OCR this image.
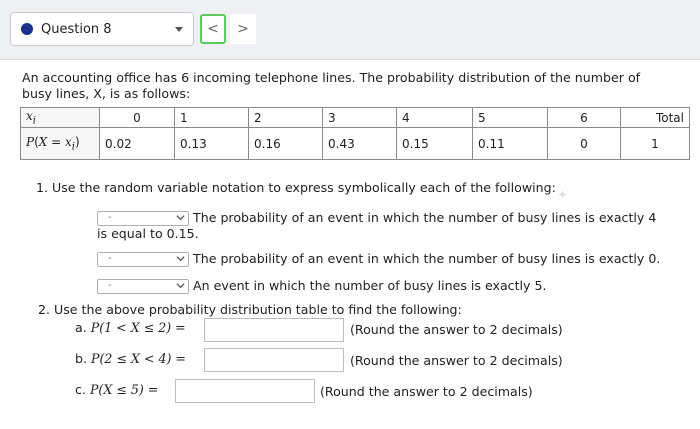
Question 8	< >
An accounting office has 6 incoming telephone lines. The probability distribution of the number of busy lines, X, is as follows:
$x_i$	0	1	2	3	4	5	6	Total
$P(X = x_i)$	0.02	0.13	0.16	0.43	0.15	0.11	0	1
1. Use the random variable notation to express symbolically each of the following:
-	The probability of an event in which the number of busy lines is exactly 4
is equal to 0.15.
-	The probability of an event in which the number of busy lines is exactly 0.
-	An event in which the number of busy lines is exactly 5.
2. Use the above probability distribution table to find the following:
a. P(1 < X ≤ 2) =	(Round the answer to 2 decimals)
b. P(2 ≤ X < 4) =	(Round the answer to 2 decimals)
c. P(X ≤ 5) =	(Round the answer to 2 decimals)
